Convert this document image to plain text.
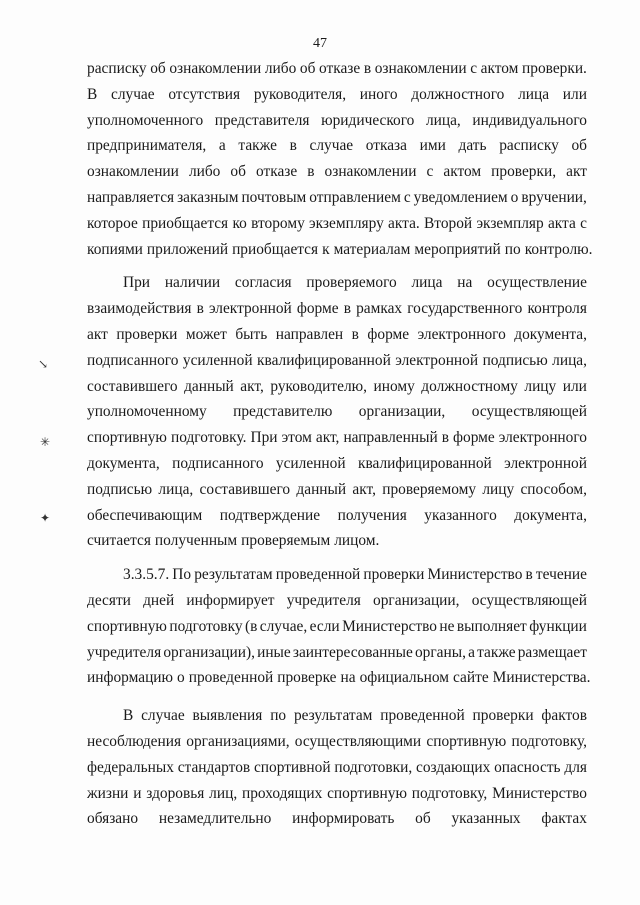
47
↘
✳
✦
расписку об ознакомлении либо об отказе в ознакомлении с актом проверки.
В случае отсутствия руководителя, иного должностного лица или
уполномоченного представителя юридического лица, индивидуального
предпринимателя, а также в случае отказа ими дать расписку об
ознакомлении либо об отказе в ознакомлении с актом проверки, акт
направляется заказным почтовым отправлением с уведомлением о вручении,
которое приобщается ко второму экземпляру акта. Второй экземпляр акта с
копиями приложений приобщается к материалам мероприятий по контролю.
При наличии согласия проверяемого лица на осуществление
взаимодействия в электронной форме в рамках государственного контроля
акт проверки может быть направлен в форме электронного документа,
подписанного усиленной квалифицированной электронной подписью лица,
составившего данный акт, руководителю, иному должностному лицу или
уполномоченному представителю организации, осуществляющей
спортивную подготовку. При этом акт, направленный в форме электронного
документа, подписанного усиленной квалифицированной электронной
подписью лица, составившего данный акт, проверяемому лицу способом,
обеспечивающим подтверждение получения указанного документа,
считается полученным проверяемым лицом.
3.3.5.7. По результатам проведенной проверки Министерство в течение
десяти дней информирует учредителя организации, осуществляющей
спортивную подготовку (в случае, если Министерство не выполняет функции
учредителя организации), иные заинтересованные органы, а также размещает
информацию о проведенной проверке на официальном сайте Министерства.
В случае выявления по результатам проведенной проверки фактов
несоблюдения организациями, осуществляющими спортивную подготовку,
федеральных стандартов спортивной подготовки, создающих опасность для
жизни и здоровья лиц, проходящих спортивную подготовку, Министерство
обязано незамедлительно информировать об указанных фактах
